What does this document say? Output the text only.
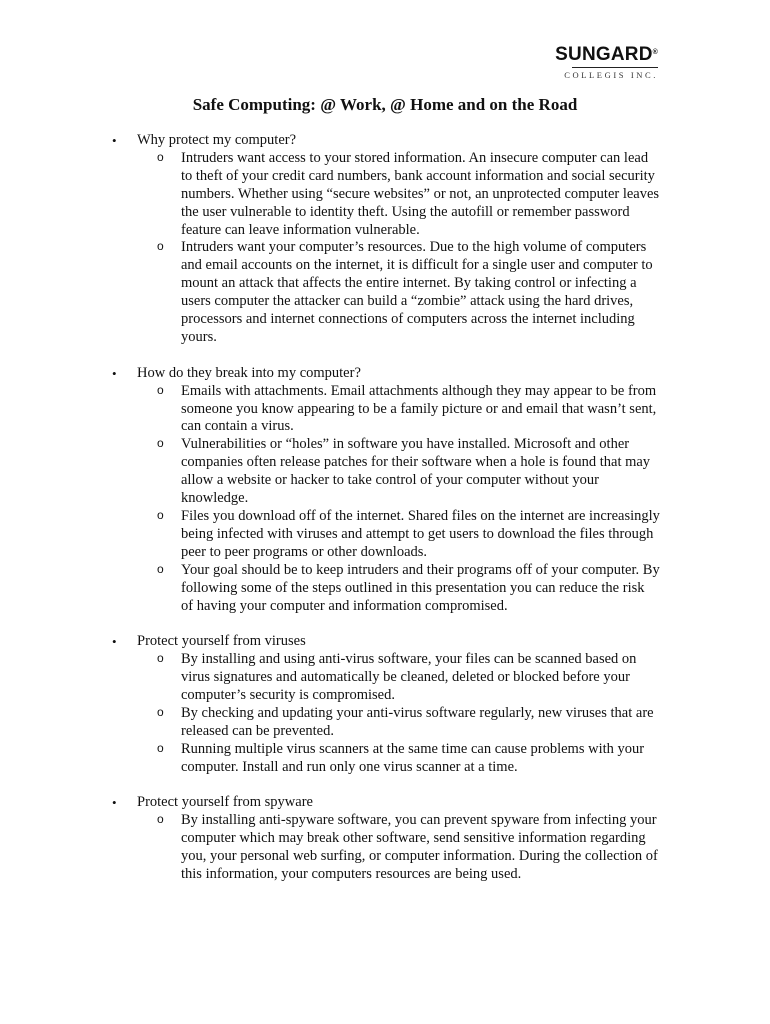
SUNGARD®
COLLEGIS INC.
Safe Computing: @ Work, @ Home and on the Road
•	Why protect my computer?
o Intruders want access to your stored information. An insecure computer can lead to theft of your credit card numbers, bank account information and social security numbers. Whether using “secure websites” or not, an unprotected computer leaves the user vulnerable to identity theft. Using the autofill or remember password feature can leave information vulnerable.
o Intruders want your computer’s resources. Due to the high volume of computers and email accounts on the internet, it is difficult for a single user and computer to mount an attack that affects the entire internet. By taking control or infecting a users computer the attacker can build a “zombie” attack using the hard drives, processors and internet connections of computers across the internet including yours.
•	How do they break into my computer?
o Emails with attachments. Email attachments although they may appear to be from someone you know appearing to be a family picture or and email that wasn’t sent, can contain a virus.
o Vulnerabilities or “holes” in software you have installed. Microsoft and other companies often release patches for their software when a hole is found that may allow a website or hacker to take control of your computer without your knowledge.
o Files you download off of the internet. Shared files on the internet are increasingly being infected with viruses and attempt to get users to download the files through peer to peer programs or other downloads.
o Your goal should be to keep intruders and their programs off of your computer. By following some of the steps outlined in this presentation you can reduce the risk of having your computer and information compromised.
•	Protect yourself from viruses
o By installing and using anti-virus software, your files can be scanned based on virus signatures and automatically be cleaned, deleted or blocked before your computer’s security is compromised.
o By checking and updating your anti-virus software regularly, new viruses that are released can be prevented.
o Running multiple virus scanners at the same time can cause problems with your computer. Install and run only one virus scanner at a time.
•	Protect yourself from spyware
o By installing anti-spyware software, you can prevent spyware from infecting your computer which may break other software, send sensitive information regarding you, your personal web surfing, or computer information. During the collection of this information, your computers resources are being used.
